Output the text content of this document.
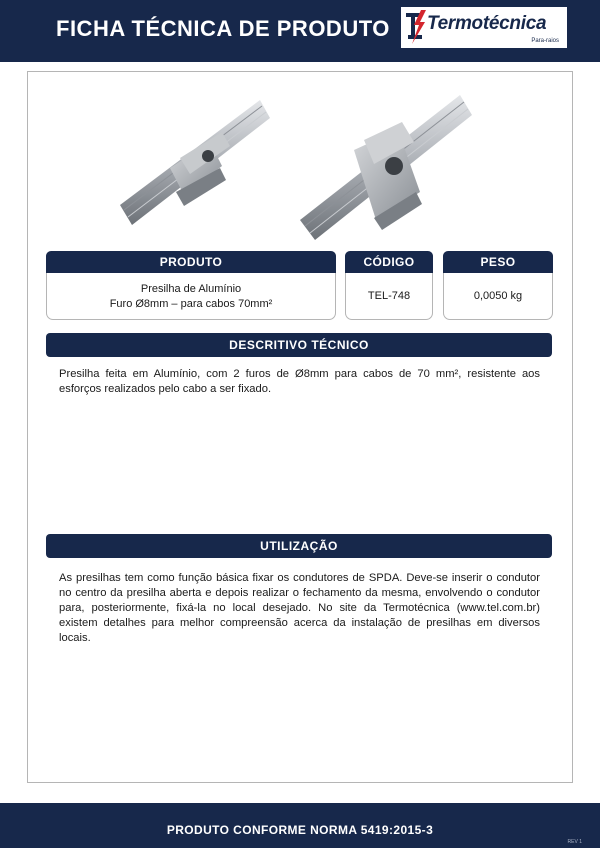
FICHA TÉCNICA DE PRODUTO Termotécnica
Para-raios
PRODUTO
Presilha de Alumínio
Furo Ø8mm – para cabos 70mm²
CÓDIGO
TEL-748
PESO
0,0050 kg
DESCRITIVO TÉCNICO
Presilha feita em Alumínio, com 2 furos de Ø8mm para cabos de 70 mm², resistente aos esforços realizados pelo cabo a ser fixado.
UTILIZAÇÃO
As presilhas tem como função básica fixar os condutores de SPDA. Deve-se inserir o condutor no centro da presilha aberta e depois realizar o fechamento da mesma, envolvendo o condutor para, posteriormente, fixá-la no local desejado. No site da Termotécnica (www.tel.com.br) existem detalhes para melhor compreensão acerca da instalação de presilhas em diversos locais.
PRODUTO CONFORME NORMA 5419:2015-3
REV 1
